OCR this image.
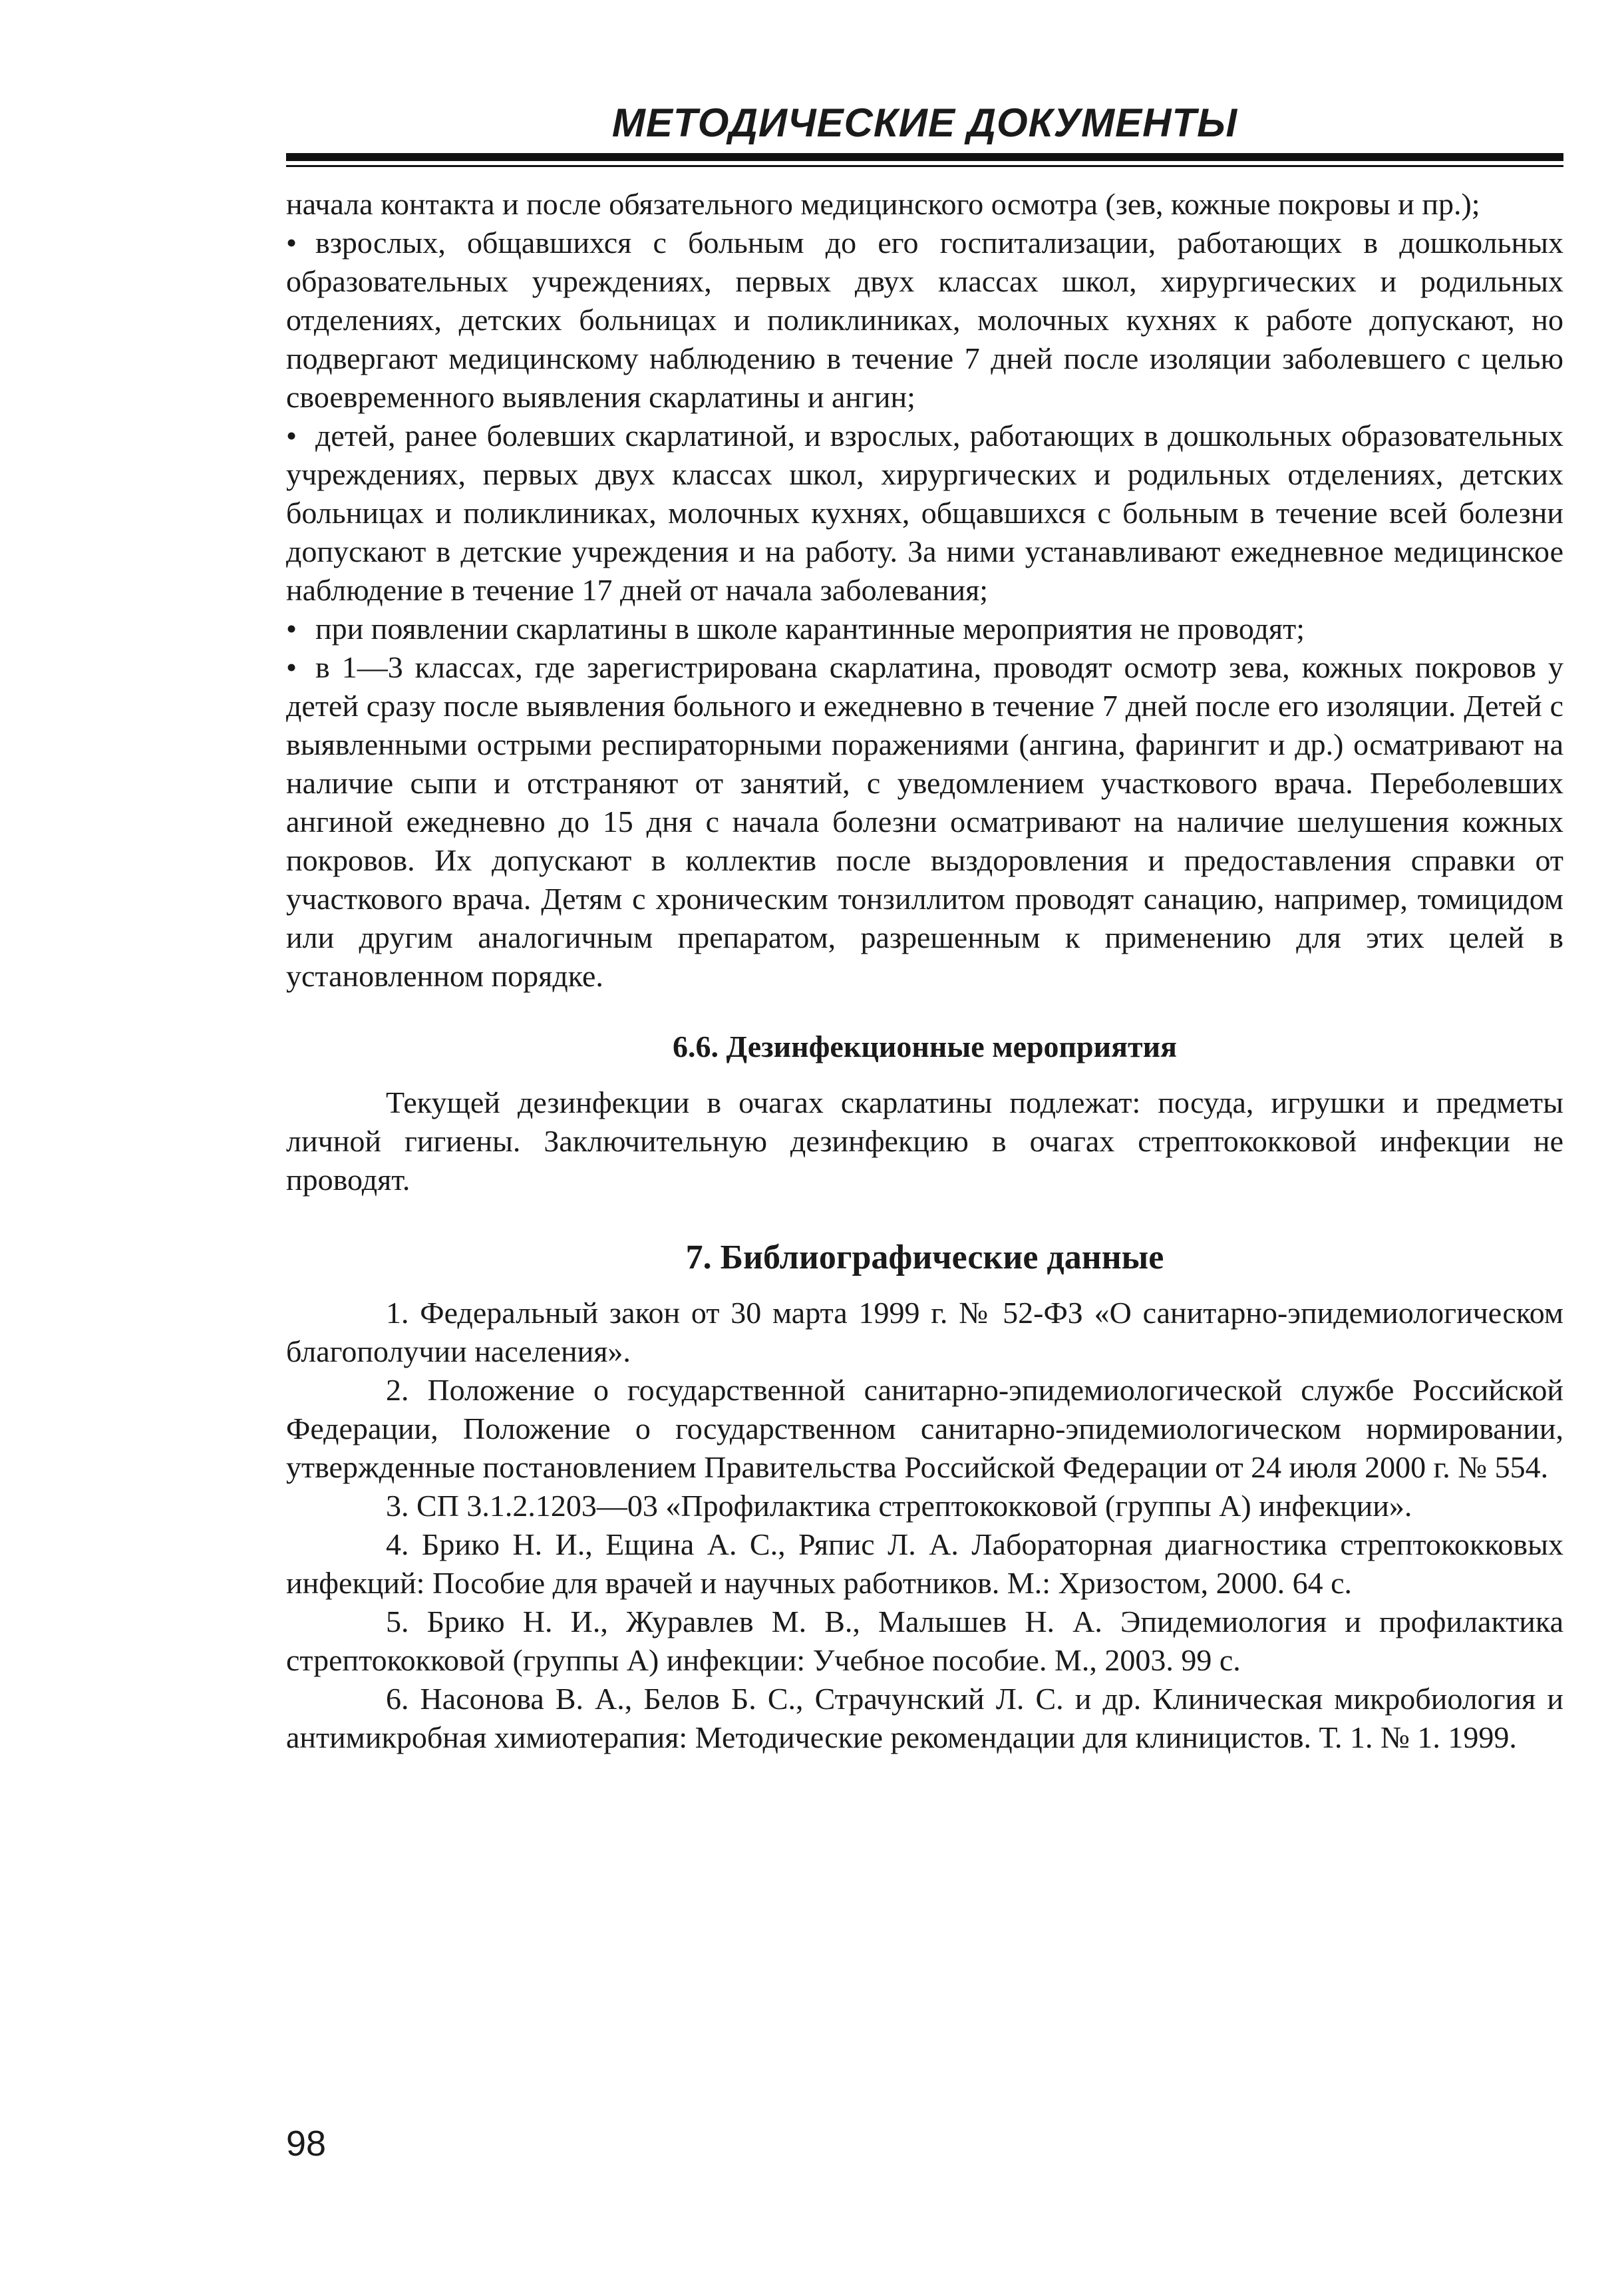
МЕТОДИЧЕСКИЕ ДОКУМЕНТЫ

начала контакта и после обязательного медицинского осмотра (зев, кожные покровы и пр.);

• взрослых, общавшихся с больным до его госпитализации, работающих в дошкольных образовательных учреждениях, первых двух классах школ, хирургических и родильных отделениях, детских больницах и поликлиниках, молочных кухнях к работе допускают, но подвергают медицинскому наблюдению в течение 7 дней после изоляции заболевшего с целью своевременного выявления скарлатины и ангин;

• детей, ранее болевших скарлатиной, и взрослых, работающих в дошкольных образовательных учреждениях, первых двух классах школ, хирургических и родильных отделениях, детских больницах и поликлиниках, молочных кухнях, общавшихся с больным в течение всей болезни допускают в детские учреждения и на работу. За ними устанавливают ежедневное медицинское наблюдение в течение 17 дней от начала заболевания;

• при появлении скарлатины в школе карантинные мероприятия не проводят;

• в 1—3 классах, где зарегистрирована скарлатина, проводят осмотр зева, кожных покровов у детей сразу после выявления больного и ежедневно в течение 7 дней после его изоляции. Детей с выявленными острыми респираторными поражениями (ангина, фарингит и др.) осматривают на наличие сыпи и отстраняют от занятий, с уведомлением участкового врача. Переболевших ангиной ежедневно до 15 дня с начала болезни осматривают на наличие шелушения кожных покровов. Их допускают в коллектив после выздоровления и предоставления справки от участкового врача. Детям с хроническим тонзиллитом проводят санацию, например, томицидом или другим аналогичным препаратом, разрешенным к применению для этих целей в установленном порядке.

6.6. Дезинфекционные мероприятия

Текущей дезинфекции в очагах скарлатины подлежат: посуда, игрушки и предметы личной гигиены. Заключительную дезинфекцию в очагах стрептококковой инфекции не проводят.

7. Библиографические данные

1. Федеральный закон от 30 марта 1999 г. № 52-ФЗ «О санитарно-эпидемиологическом благополучии населения».

2. Положение о государственной санитарно-эпидемиологической службе Российской Федерации, Положение о государственном санитарно-эпидемиологическом нормировании, утвержденные постановлением Правительства Российской Федерации от 24 июля 2000 г. № 554.

3. СП 3.1.2.1203—03 «Профилактика стрептококковой (группы А) инфекции».

4. Брико Н. И., Ещина А. С., Ряпис Л. А. Лабораторная диагностика стрептококковых инфекций: Пособие для врачей и научных работников. М.: Хризостом, 2000. 64 с.

5. Брико Н. И., Журавлев М. В., Малышев Н. А. Эпидемиология и профилактика стрептококковой (группы А) инфекции: Учебное пособие. М., 2003. 99 с.

6. Насонова В. А., Белов Б. С., Страчунский Л. С. и др. Клиническая микробиология и антимикробная химиотерапия: Методические рекомендации для клиницистов. Т. 1. № 1. 1999.

98
